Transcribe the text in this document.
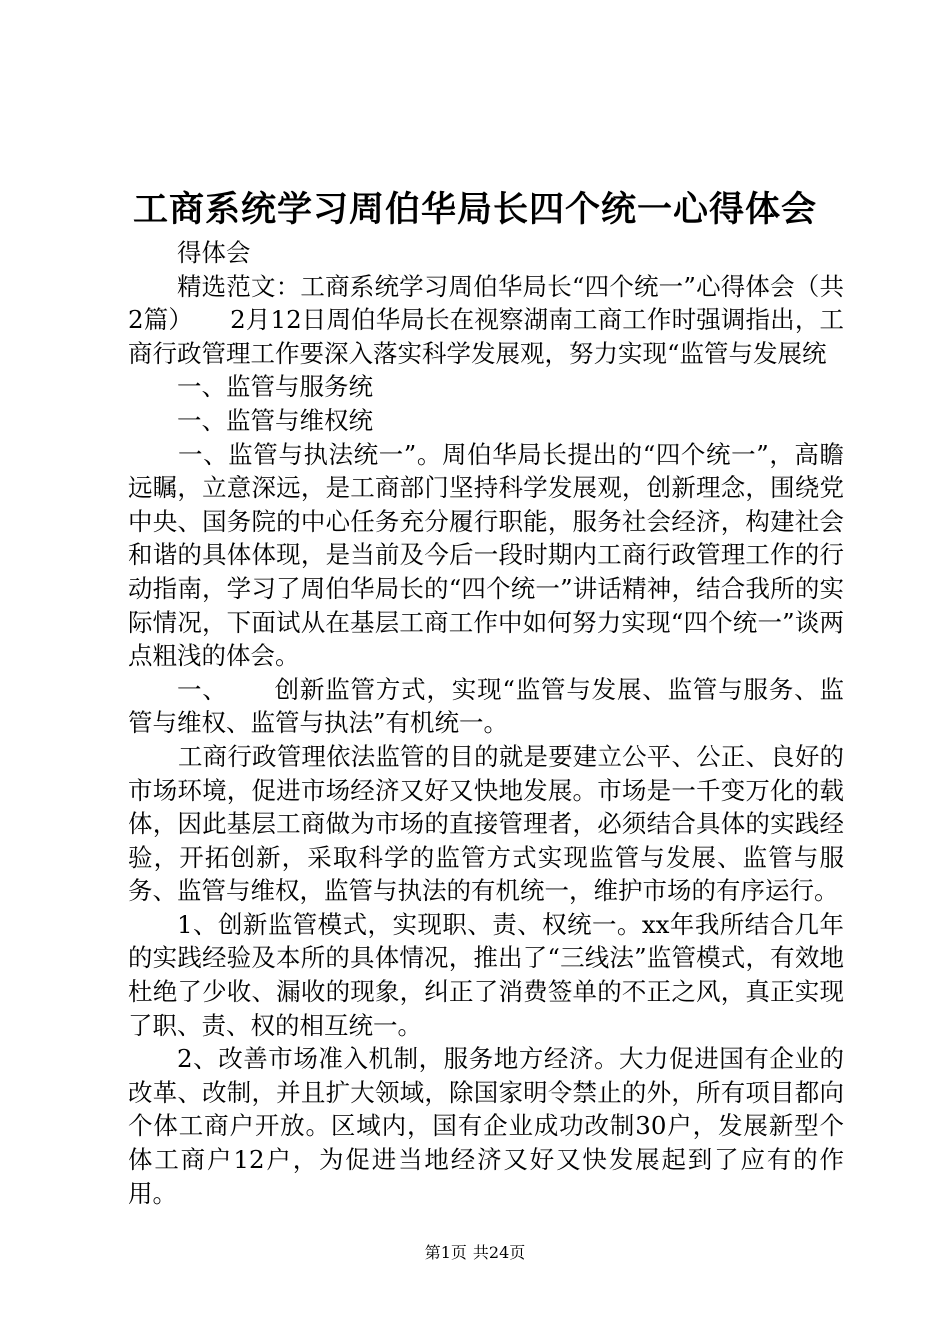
工商系统学习周伯华局长四个统一心得体会

得体会

精选范文：工商系统学习周伯华局长“四个统一”心得体会（共2篇）　　2月12日周伯华局长在视察湖南工商工作时强调指出，工商行政管理工作要深入落实科学发展观，努力实现“监管与发展统

一、监管与服务统

一、监管与维权统

一、监管与执法统一”。周伯华局长提出的“四个统一”，高瞻远瞩，立意深远，是工商部门坚持科学发展观，创新理念，围绕党中央、国务院的中心任务充分履行职能，服务社会经济，构建社会和谐的具体体现，是当前及今后一段时期内工商行政管理工作的行动指南，学习了周伯华局长的“四个统一”讲话精神，结合我所的实际情况，下面试从在基层工商工作中如何努力实现“四个统一”谈两点粗浅的体会。

一、　　 创新监管方式，实现“监管与发展、监管与服务、监管与维权、监管与执法”有机统一。

工商行政管理依法监管的目的就是要建立公平、公正、良好的市场环境，促进市场经济又好又快地发展。市场是一千变万化的载体，因此基层工商做为市场的直接管理者，必须结合具体的实践经验，开拓创新，采取科学的监管方式实现监管与发展、监管与服务、监管与维权，监管与执法的有机统一，维护市场的有序运行。

1、创新监管模式，实现职、责、权统一。xx年我所结合几年的实践经验及本所的具体情况，推出了“三线法”监管模式，有效地杜绝了少收、漏收的现象，纠正了消费签单的不正之风，真正实现了职、责、权的相互统一。

2、改善市场准入机制，服务地方经济。大力促进国有企业的改革、改制，并且扩大领域，除国家明令禁止的外，所有项目都向个体工商户开放。区域内，国有企业成功改制30户，发展新型个体工商户12户，为促进当地经济又好又快发展起到了应有的作用。

第1页 共24页
